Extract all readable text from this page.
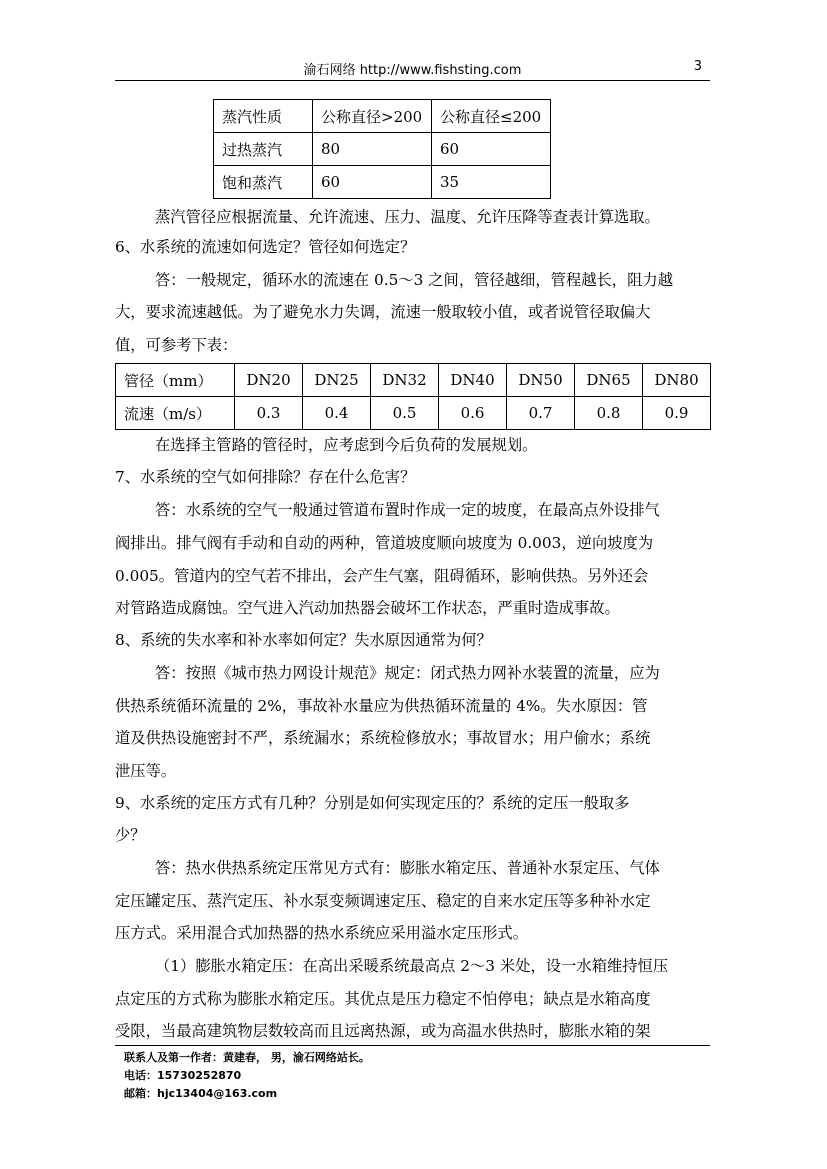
渝石网络 http://www.fishsting.com	3
蒸汽性质	公称直径>200	公称直径≤200
过热蒸汽	80	60
饱和蒸汽	60	35
蒸汽管径应根据流量、允许流速、压力、温度、允许压降等查表计算选取。
6、水系统的流速如何选定？管径如何选定？
答：一般规定，循环水的流速在 0.5～3 之间，管径越细，管程越长，阻力越
大，要求流速越低。为了避免水力失调，流速一般取较小值，或者说管径取偏大
值，可参考下表：
管径（mm）	DN20	DN25	DN32	DN40	DN50	DN65	DN80
流速（m/s）	0.3	0.4	0.5	0.6	0.7	0.8	0.9
在选择主管路的管径时，应考虑到今后负荷的发展规划。
7、水系统的空气如何排除？存在什么危害？
答：水系统的空气一般通过管道布置时作成一定的坡度，在最高点外设排气
阀排出。排气阀有手动和自动的两种，管道坡度顺向坡度为 0.003，逆向坡度为
0.005。管道内的空气若不排出，会产生气塞，阻碍循环，影响供热。另外还会
对管路造成腐蚀。空气进入汽动加热器会破坏工作状态，严重时造成事故。
8、系统的失水率和补水率如何定？失水原因通常为何？
答：按照《城市热力网设计规范》规定：闭式热力网补水装置的流量，应为
供热系统循环流量的 2%，事故补水量应为供热循环流量的 4%。失水原因：管
道及供热设施密封不严，系统漏水；系统检修放水；事故冒水；用户偷水；系统
泄压等。
9、水系统的定压方式有几种？分别是如何实现定压的？系统的定压一般取多
少？
答：热水供热系统定压常见方式有：膨胀水箱定压、普通补水泵定压、气体
定压罐定压、蒸汽定压、补水泵变频调速定压、稳定的自来水定压等多种补水定
压方式。采用混合式加热器的热水系统应采用溢水定压形式。
（1）膨胀水箱定压：在高出采暖系统最高点 2～3 米处，设一水箱维持恒压
点定压的方式称为膨胀水箱定压。其优点是压力稳定不怕停电；缺点是水箱高度
受限，当最高建筑物层数较高而且远离热源，或为高温水供热时，膨胀水箱的架
联系人及第一作者：黄建春， 男，渝石网络站长。
电话：15730252870
邮箱：hjc13404@163.com
